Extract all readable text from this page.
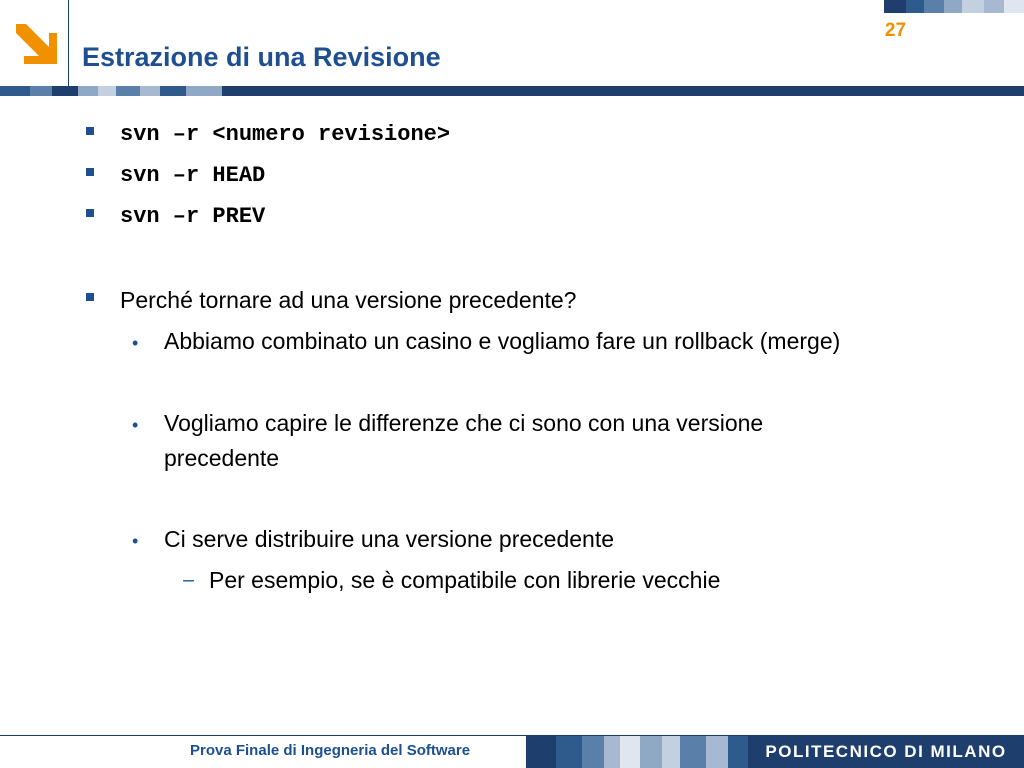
Estrazione di una Revisione
27
svn –r <numero revisione>
svn –r HEAD
svn –r PREV
Perché tornare ad una versione precedente?
• Abbiamo combinato un casino e vogliamo fare un rollback (merge)
• Vogliamo capire le differenze che ci sono con una versione
precedente
• Ci serve distribuire una versione precedente
– Per esempio, se è compatibile con librerie vecchie
Prova Finale di Ingegneria del Software	POLITECNICO DI MILANO
